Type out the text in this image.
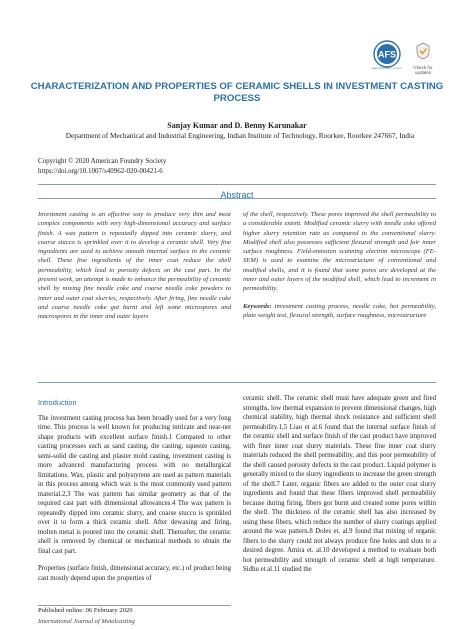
AFS
AMERICAN FOUNDRY SOCIETY	Check for
updates
CHARACTERIZATION AND PROPERTIES OF CERAMIC SHELLS IN INVESTMENT CASTING PROCESS
Sanjay Kumar and D. Benny Karunakar
Department of Mechanical and Industrial Engineering, Indian Institute of Technology, Roorkee, Roorkee 247667, India
Copyright © 2020 American Foundry Society
https://doi.org/10.1007/s40962-020-00421-6
Abstract

Investment casting is an effective way to produce very thin and most complex components with very high-dimensional accuracy and surface finish. A wax pattern is repeatedly dipped into ceramic slurry, and coarse stucco is sprinkled over it to develop a ceramic shell. Very fine ingredients are used to achieve smooth internal surface in the ceramic shell. These fine ingredients of the inner coat reduce the shell permeability, which lead to porosity defects on the cast part. In the present work, an attempt is made to enhance the permeability of ceramic shell by mixing fine needle coke and coarse needle coke powders to inner and outer coat slurries, respectively. After firing, fine needle coke and coarse needle coke got burnt and left some microspores and macrospores in the inner and outer layers

of the shell, respectively. These pores improved the shell permeability to a considerable extent. Modified ceramic slurry with needle coke offered higher slurry retention rate as compared to the conventional slurry. Modified shell also possesses sufficient flexural strength and fair inner surface roughness. Field-emission scanning electron microscope (FE-SEM) is used to examine the microstructure of conventional and modified shells, and it is found that some pores are developed at the inner and outer layers of the modified shell, which lead to increment in permeability.

Keywords: investment casting process, needle coke, hot permeability, plate weight test, flexural strength, surface roughness, microstructure

Introduction

The investment casting process has been broadly used for a very long time. This process is well known for producing intricate and near-net shape products with excellent surface finish.1 Compared to other casting processes such as sand casting, die casting, squeeze casting, semi-solid die casting and plaster mold casting, investment casting is more advanced manufacturing process with no metallurgical limitations. Wax, plastic and polystyrene are used as pattern materials in this process among which wax is the most commonly used pattern material.2,3 The wax pattern has similar geometry as that of the required cast part with dimensional allowances.4 The wax pattern is repeatedly dipped into ceramic slurry, and coarse stucco is sprinkled over it to form a thick ceramic shell. After dewaxing and firing, molten metal is poured into the ceramic shell. Thereafter, the ceramic shell is removed by chemical or mechanical methods to obtain the final cast part.

Properties (surface finish, dimensional accuracy, etc.) of product being cast mostly depend upon the properties of

ceramic shell. The ceramic shell must have adequate green and fired strengths, low thermal expansion to prevent dimensional changes, high chemical stability, high thermal shock resistance and sufficient shell permeability.1,5 Liao et al.6 found that the internal surface finish of the ceramic shell and surface finish of the cast product have improved with finer inner coat slurry materials. These fine inner coat slurry materials reduced the shell permeability, and this poor permeability of the shell caused porosity defects in the cast product. Liquid polymer is generally mixed to the slurry ingredients to increase the green strength of the shell.7 Later, organic fibers are added to the outer coat slurry ingredients and found that these fibers improved shell permeability because during firing, fibers got burnt and created some pores within the shell. The thickness of the ceramic shell has also increased by using these fibers, which reduce the number of slurry coatings applied around the wax pattern.8 Doles et. al.9 found that mixing of organic fibers to the slurry could not always produce fine holes and slots to a desired degree. Amira et. al.10 developed a method to evaluate both hot permeability and strength of ceramic shell at high temperature. Sidhu et al.11 studied the

Published online: 06 February 2020
International Journal of Metalcasting
